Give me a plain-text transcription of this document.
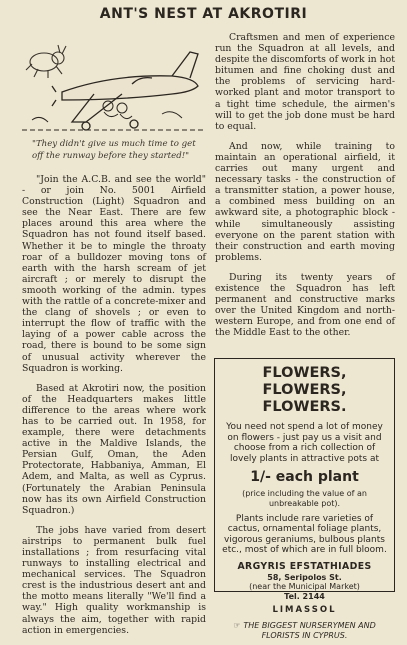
ANT'S NEST AT AKROTIRI
"They didn't give us much time to get
off the runway before they started!"

"Join the A.C.B. and see the world" - or join No. 5001 Airfield Construction (Light) Squadron and see the Near East. There are few places around this area where the Squadron has not found itself based. Whether it be to mingle the throaty roar of a bulldozer moving tons of earth with the harsh scream of jet aircraft ; or merely to disrupt the smooth working of the admin. types with the rattle of a concrete-mixer and the clang of shovels ; or even to interrupt the flow of traffic with the laying of a power cable across the road, there is bound to be some sign of unusual activity wherever the Squadron is working.

Based at Akrotiri now, the position of the Headquarters makes little difference to the areas where work has to be carried out. In 1958, for example, there were detachments active in the Maldive Islands, the Persian Gulf, Oman, the Aden Protectorate, Habbaniya, Amman, El Adem, and Malta, as well as Cyprus. (Fortunately the Arabian Peninsula now has its own Airfield Construction Squadron.)

The jobs have varied from desert airstrips to permanent bulk fuel installations ; from resurfacing vital runways to installing electrical and mechanical services. The Squadron crest is the industrious desert ant and the motto means literally "We'll find a way." High quality workmanship is always the aim, together with rapid action in emergencies.

Craftsmen and men of experience run the Squadron at all levels, and despite the discomforts of work in hot bitumen and fine choking dust and the problems of servicing hard-worked plant and motor transport to a tight time schedule, the airmen's will to get the job done must be hard to equal.

And now, while training to maintain an operational airfield, it carries out many urgent and necessary tasks - the construction of a transmitter station, a power house, a combined mess building on an awkward site, a photographic block - while simultaneously assisting everyone on the parent station with their construction and earth moving problems.

During its twenty years of existence the Squadron has left permanent and constructive marks over the United Kingdom and north-western Europe, and from one end of the Middle East to the other.

FLOWERS, FLOWERS,
FLOWERS.
You need not spend a lot of money on flowers - just pay us a visit and choose from a rich collection of lovely plants in attractive pots at
1/- each plant
(price including the value of an unbreakable pot).
Plants include rare varieties of cactus, ornamental foliage plants, vigorous geraniums, bulbous plants etc., most of which are in full bloom.
ARGYRIS EFSTATHIADES
58, Seripolos St.
(near the Municipal Market)
Tel. 2144
LIMASSOL
☞ THE BIGGEST NURSERYMEN AND
FLORISTS IN CYPRUS.
